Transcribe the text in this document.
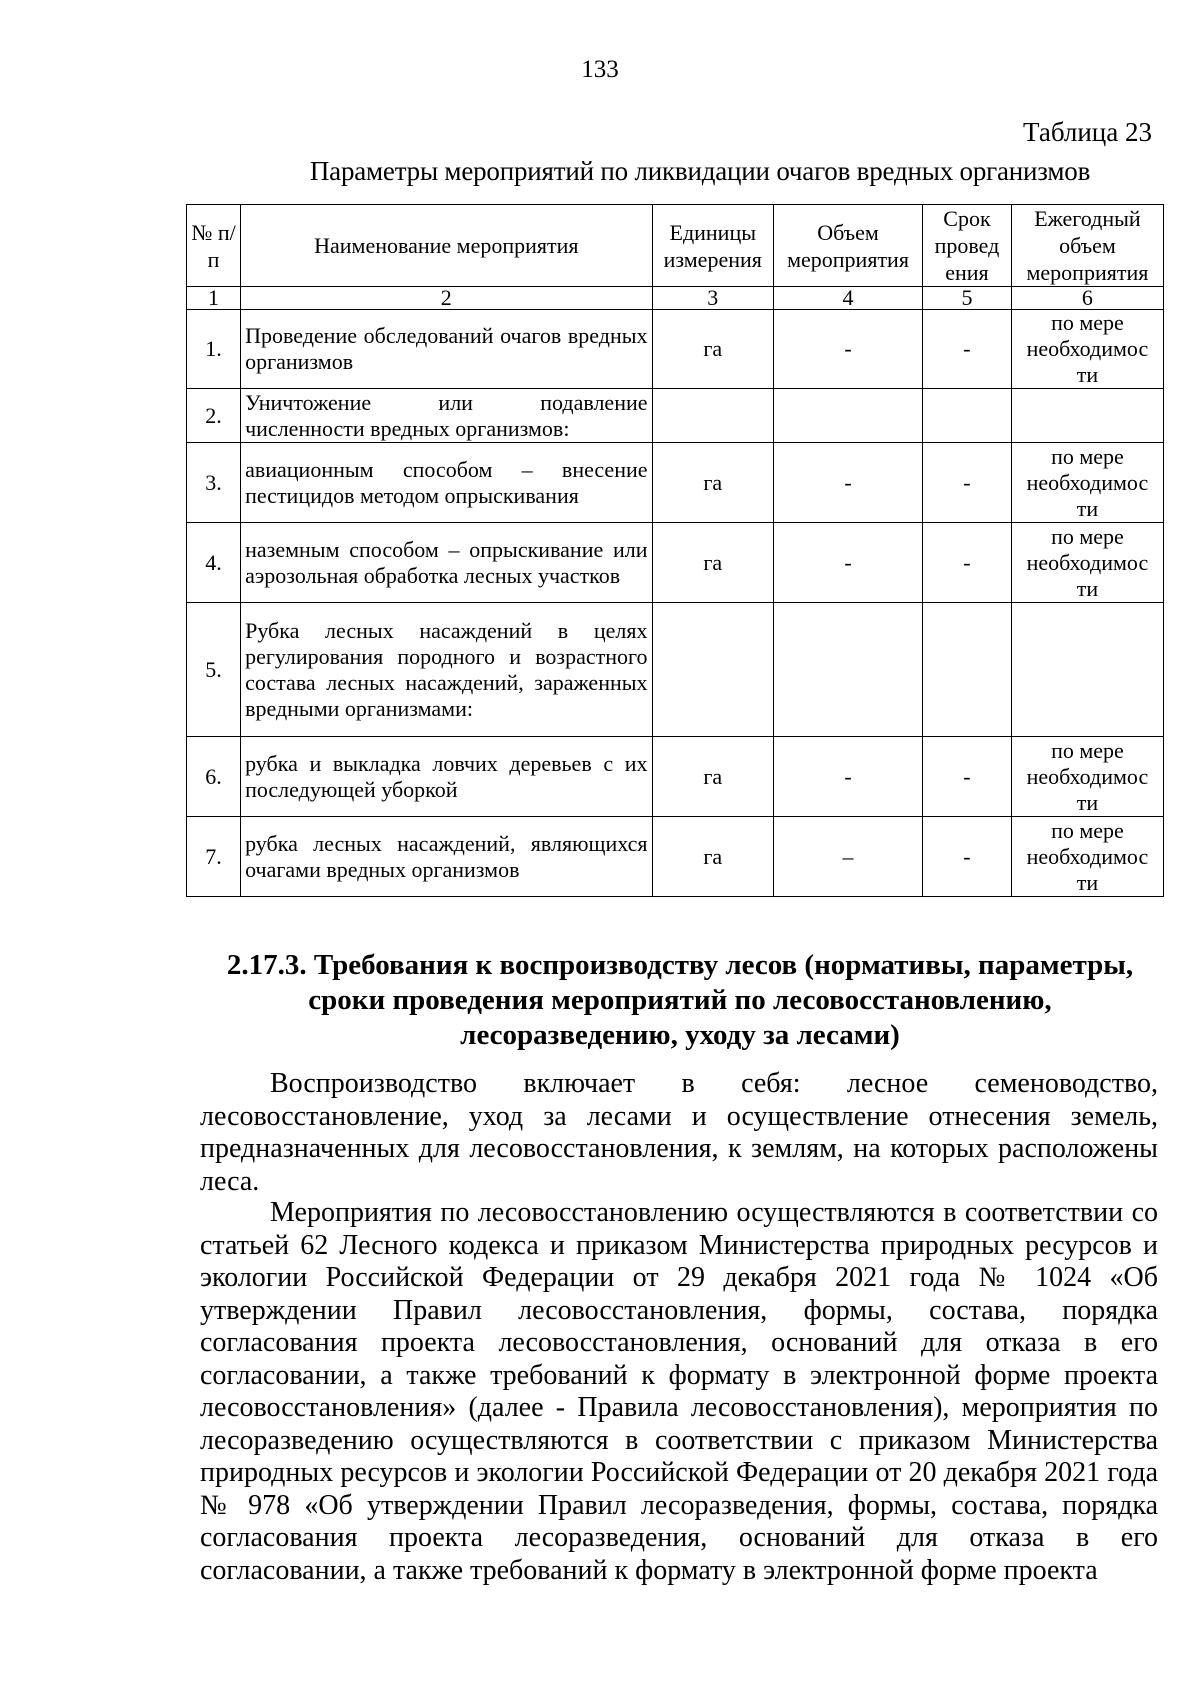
133
Таблица 23
Параметры мероприятий по ликвидации очагов вредных организмов
№ п/п	Наименование мероприятия	Единицы измерения	Объем мероприятия	Срок провед ения	Ежегодный объем мероприятия
1	2	3	4	5	6
1.	Проведение обследований очагов вредных организмов	га	-	-	по мере необходимос ти
2.	Уничтожение или подавление численности вредных организмов:				
3.	авиационным способом – внесение пестицидов методом опрыскивания	га	-	-	по мере необходимос ти
4.	наземным способом – опрыскивание или аэрозольная обработка лесных участков	га	-	-	по мере необходимос ти
5.	Рубка лесных насаждений в целях регулирования породного и возрастного состава лесных насаждений, зараженных вредными организмами:				
6.	рубка и выкладка ловчих деревьев с их последующей уборкой	га	-	-	по мере необходимос ти
7.	рубка лесных насаждений, являющихся очагами вредных организмов	га	–	-	по мере необходимос ти
2.17.3. Требования к воспроизводству лесов (нормативы, параметры, сроки проведения мероприятий по лесовосстановлению, лесоразведению, уходу за лесами)

Воспроизводство включает в себя: лесное семеноводство, лесовосстановление, уход за лесами и осуществление отнесения земель, предназначенных для лесовосстановления, к землям, на которых расположены леса.

Мероприятия по лесовосстановлению осуществляются в соответствии со статьей 62 Лесного кодекса и приказом Министерства природных ресурсов и экологии Российской Федерации от 29 декабря 2021 года № 1024 «Об утверждении Правил лесовосстановления, формы, состава, порядка согласования проекта лесовосстановления, оснований для отказа в его согласовании, а также требований к формату в электронной форме проекта лесовосстановления» (далее - Правила лесовосстановления), мероприятия по лесоразведению осуществляются в соответствии с приказом Министерства природных ресурсов и экологии Российской Федерации от 20 декабря 2021 года № 978 «Об утверждении Правил лесоразведения, формы, состава, порядка согласования проекта лесоразведения, оснований для отказа в его согласовании, а также требований к формату в электронной форме проекта
